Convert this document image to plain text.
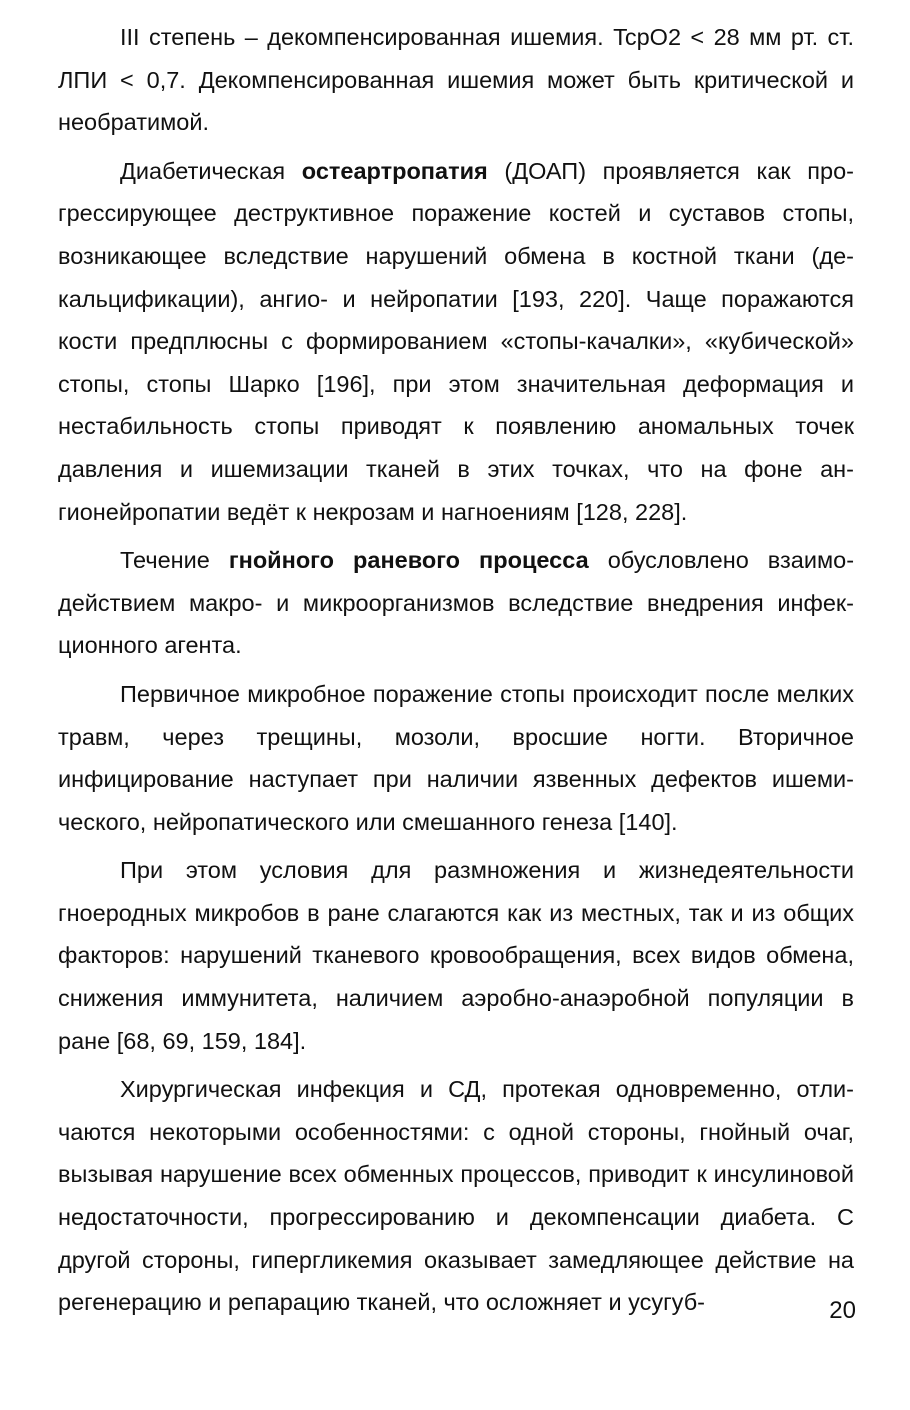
III степень – декомпенсированная ишемия. TcpO2 < 28 мм рт. ст. ЛПИ < 0,7. Декомпенсированная ишемия может быть критической и необратимой.

Диабетическая остеартропатия (ДОАП) проявляется как прогрессирующее деструктивное поражение костей и суставов стопы, возникающее вследствие нарушений обмена в костной ткани (декальцификации), ангио- и нейропатии [193, 220]. Чаще поражаются кости предплюсны с формированием «стопы-качалки», «кубической» стопы, стопы Шарко [196], при этом значительная деформация и нестабильность стопы приводят к появлению аномальных точек давления и ишемизации тканей в этих точках, что на фоне ангионейропатии ведёт к некрозам и нагноениям [128, 228].

Течение гнойного раневого процесса обусловлено взаимодействием макро- и микроорганизмов вследствие внедрения инфекционного агента.

Первичное микробное поражение стопы происходит после мелких травм, через трещины, мозоли, вросшие ногти. Вторичное инфицирование наступает при наличии язвенных дефектов ишемического, нейропатического или смешанного генеза [140].

При этом условия для размножения и жизнедеятельности гноеродных микробов в ране слагаются как из местных, так и из общих факторов: нарушений тканевого кровообращения, всех видов обмена, снижения иммунитета, наличием аэробно-анаэробной популяции в ране [68, 69, 159, 184].

Хирургическая инфекция и СД, протекая одновременно, отличаются некоторыми особенностями: с одной стороны, гнойный очаг, вызывая нарушение всех обменных процессов, приводит к инсулиновой недостаточности, прогрессированию и декомпенсации диабета. С другой стороны, гипергликемия оказывает замедляющее действие на регенерацию и репарацию тканей, что осложняет и усугуб-	20
